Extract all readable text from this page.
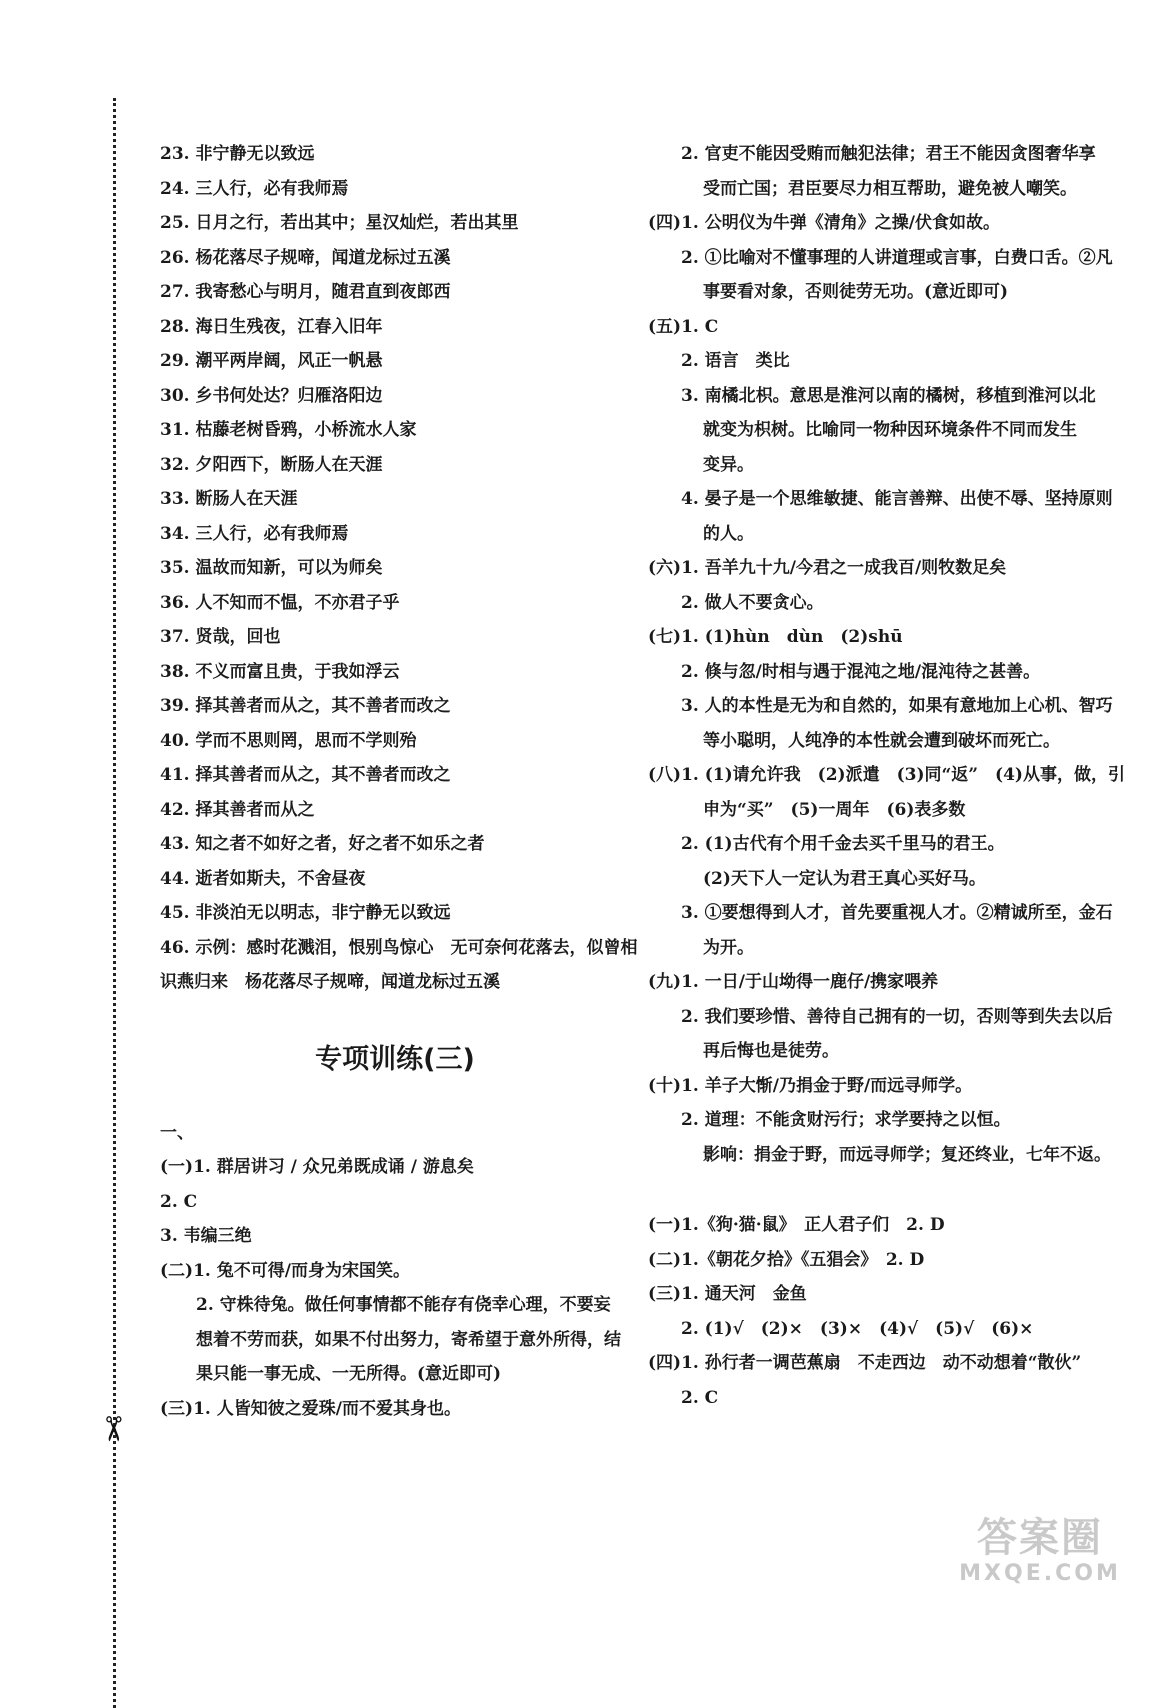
✂
23. 非宁静无以致远
24. 三人行，必有我师焉
25. 日月之行，若出其中；星汉灿烂，若出其里
26. 杨花落尽子规啼，闻道龙标过五溪
27. 我寄愁心与明月，随君直到夜郎西
28. 海日生残夜，江春入旧年
29. 潮平两岸阔，风正一帆悬
30. 乡书何处达？归雁洛阳边
31. 枯藤老树昏鸦，小桥流水人家
32. 夕阳西下，断肠人在天涯
33. 断肠人在天涯
34. 三人行，必有我师焉
35. 温故而知新，可以为师矣
36. 人不知而不愠，不亦君子乎
37. 贤哉，回也
38. 不义而富且贵，于我如浮云
39. 择其善者而从之，其不善者而改之
40. 学而不思则罔，思而不学则殆
41. 择其善者而从之，其不善者而改之
42. 择其善者而从之
43. 知之者不如好之者，好之者不如乐之者
44. 逝者如斯夫，不舍昼夜
45. 非淡泊无以明志，非宁静无以致远
46. 示例：感时花溅泪，恨别鸟惊心　无可奈何花落去，似曾相
识燕归来　杨花落尽子规啼，闻道龙标过五溪
专项训练(三)
一、
(一)1. 群居讲习 / 众兄弟既成诵 / 游息矣
2. C
3. 韦编三绝
(二)1. 兔不可得/而身为宋国笑。
2. 守株待兔。做任何事情都不能存有侥幸心理，不要妄
想着不劳而获，如果不付出努力，寄希望于意外所得，结
果只能一事无成、一无所得。(意近即可)
(三)1. 人皆知彼之爱珠/而不爱其身也。
2. 官吏不能因受贿而触犯法律；君王不能因贪图奢华享
受而亡国；君臣要尽力相互帮助，避免被人嘲笑。
(四)1. 公明仪为牛弹《清角》之操/伏食如故。
2. ①比喻对不懂事理的人讲道理或言事，白费口舌。②凡
事要看对象，否则徒劳无功。(意近即可)
(五)1. C
2. 语言　类比
3. 南橘北枳。意思是淮河以南的橘树，移植到淮河以北
就变为枳树。比喻同一物种因环境条件不同而发生
变异。
4. 晏子是一个思维敏捷、能言善辩、出使不辱、坚持原则
的人。
(六)1. 吾羊九十九/今君之一成我百/则牧数足矣
2. 做人不要贪心。
(七)1. (1)hùn　dùn　(2)shū
2. 倏与忽/时相与遇于混沌之地/混沌待之甚善。
3. 人的本性是无为和自然的，如果有意地加上心机、智巧
等小聪明，人纯净的本性就会遭到破坏而死亡。
(八)1. (1)请允许我　(2)派遣　(3)同“返”　(4)从事，做，引
申为“买”　(5)一周年　(6)表多数
2. (1)古代有个用千金去买千里马的君王。
(2)天下人一定认为君王真心买好马。
3. ①要想得到人才，首先要重视人才。②精诚所至，金石
为开。
(九)1. 一日/于山坳得一鹿仔/携家喂养
2. 我们要珍惜、善待自己拥有的一切，否则等到失去以后
再后悔也是徒劳。
(十)1. 羊子大惭/乃捐金于野/而远寻师学。
2. 道理：不能贪财污行；求学要持之以恒。
影响：捐金于野，而远寻师学；复还终业，七年不返。
(一)1.《狗·猫·鼠》　正人君子们　2. D
(二)1.《朝花夕拾》《五猖会》　2. D
(三)1. 通天河　金鱼
2. (1)√　(2)×　(3)×　(4)√　(5)√　(6)×
(四)1. 孙行者一调芭蕉扇　不走西边　动不动想着“散伙”
2. C
答案圈
MXQE.COM
